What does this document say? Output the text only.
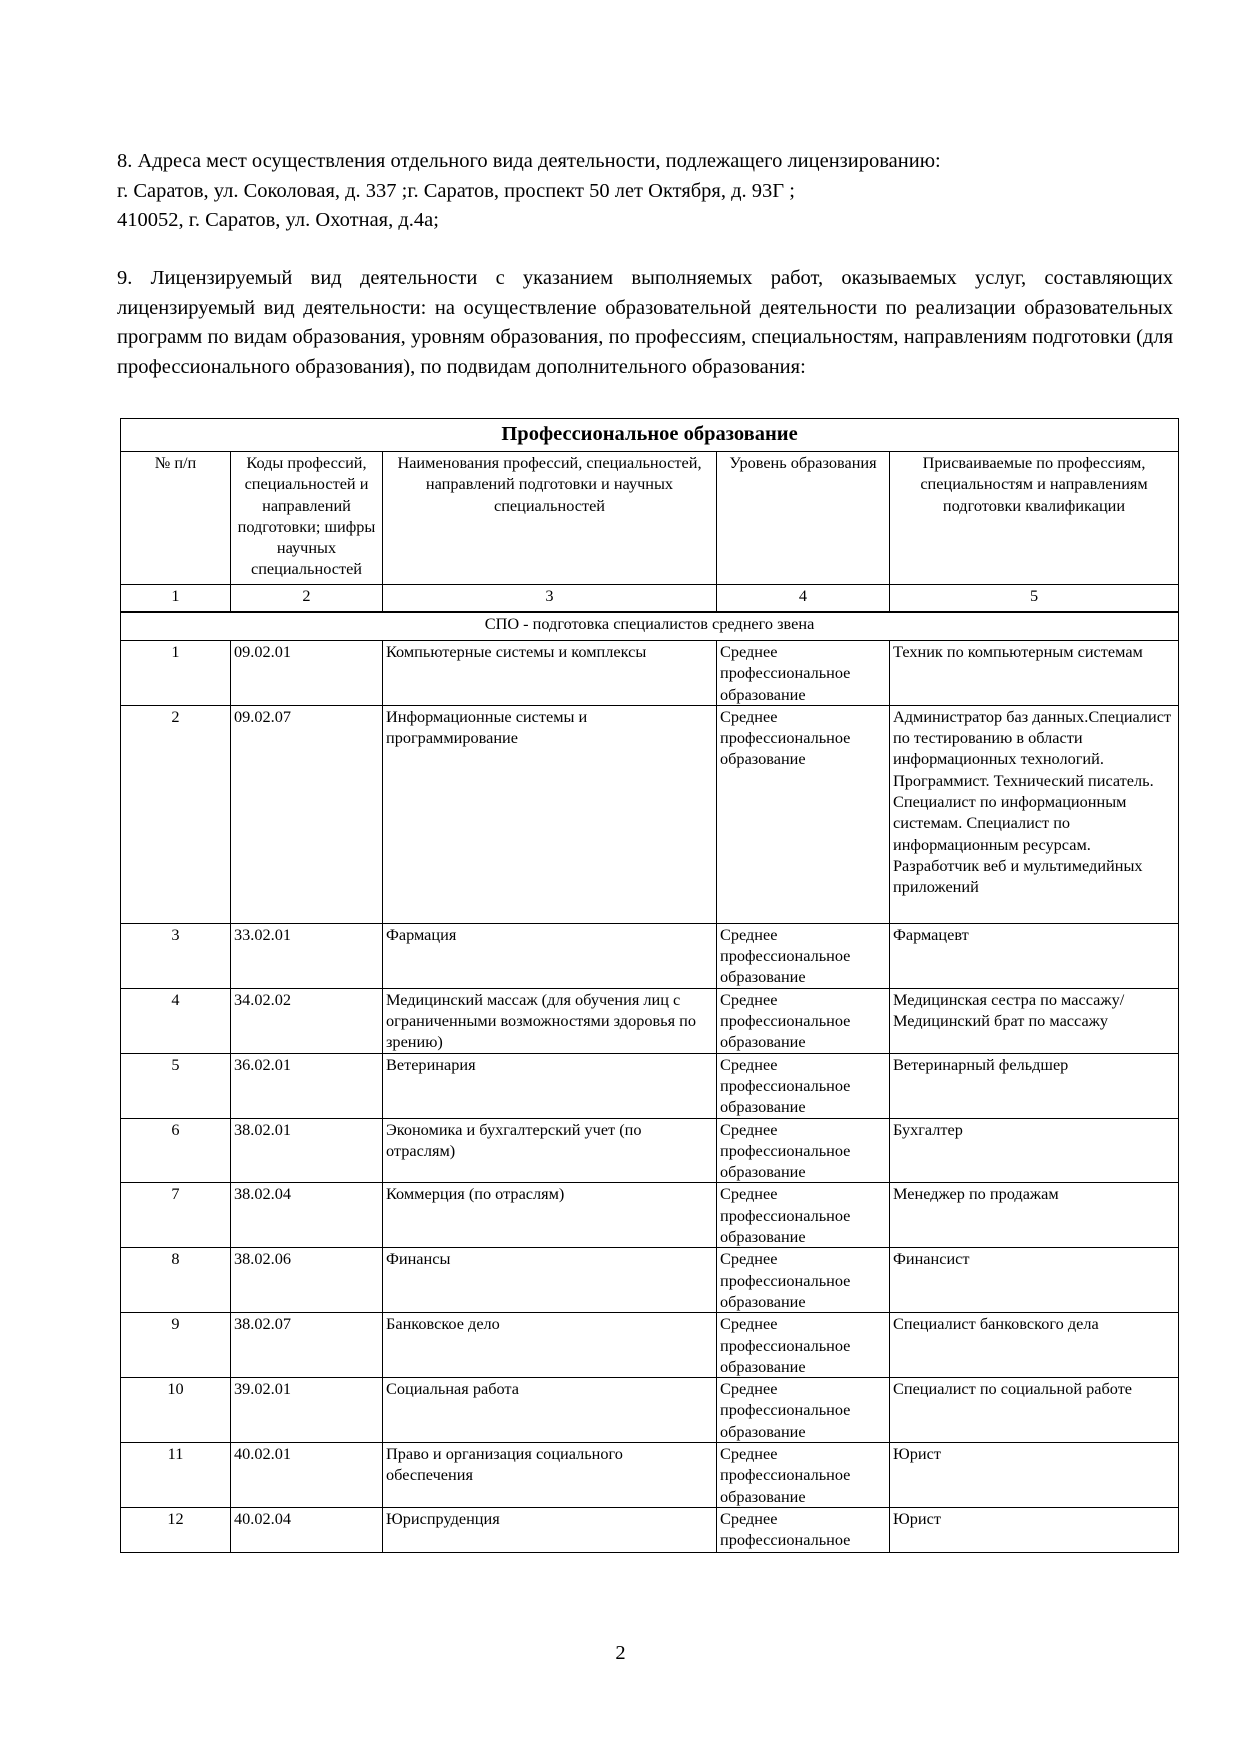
8. Адреса мест осуществления отдельного вида деятельности, подлежащего лицензированию:
г. Саратов, ул. Соколовая, д. 337 ;г. Саратов, проспект 50 лет Октября, д. 93Г ;
410052, г. Саратов, ул. Охотная, д.4а;
9. Лицензируемый вид деятельности с указанием выполняемых работ, оказываемых услуг, составляющих лицензируемый вид деятельности: на осуществление образовательной деятельности по реализации образовательных программ по видам образования, уровням образования, по профессиям, специальностям, направлениям подготовки (для профессионального образования), по подвидам дополнительного образования:
Профессиональное образование				
№ п/п	Коды профессий, специальностей и направлений подготовки; шифры научных специальностей	Наименования профессий, специальностей, направлений подготовки и научных специальностей	Уровень образования	Присваиваемые по профессиям, специальностям и направлениям подготовки квалификации
1	2	3	4	5
СПО - подготовка специалистов среднего звена				
1	09.02.01	Компьютерные системы и комплексы	Среднее профессиональное образование	Техник по компьютерным системам
2	09.02.07	Информационные системы и программирование	Среднее профессиональное образование	Администратор баз данных.Специалист по тестированию в области информационных технологий. Программист. Технический писатель. Специалист по информационным системам. Специалист по информационным ресурсам. Разработчик веб и мультимедийных приложений
3	33.02.01	Фармация	Среднее профессиональное образование	Фармацевт
4	34.02.02	Медицинский массаж (для обучения лиц с ограниченными возможностями здоровья по зрению)	Среднее профессиональное образование	Медицинская сестра по массажу/Медицинский брат по массажу
5	36.02.01	Ветеринария	Среднее профессиональное образование	Ветеринарный фельдшер
6	38.02.01	Экономика и бухгалтерский учет (по отраслям)	Среднее профессиональное образование	Бухгалтер
7	38.02.04	Коммерция (по отраслям)	Среднее профессиональное образование	Менеджер по продажам
8	38.02.06	Финансы	Среднее профессиональное образование	Финансист
9	38.02.07	Банковское дело	Среднее профессиональное образование	Специалист банковского дела
10	39.02.01	Социальная работа	Среднее профессиональное образование	Специалист по социальной работе
11	40.02.01	Право и организация социального обеспечения	Среднее профессиональное образование	Юрист
12	40.02.04	Юриспруденция	Среднее профессиональное	Юрист
2
